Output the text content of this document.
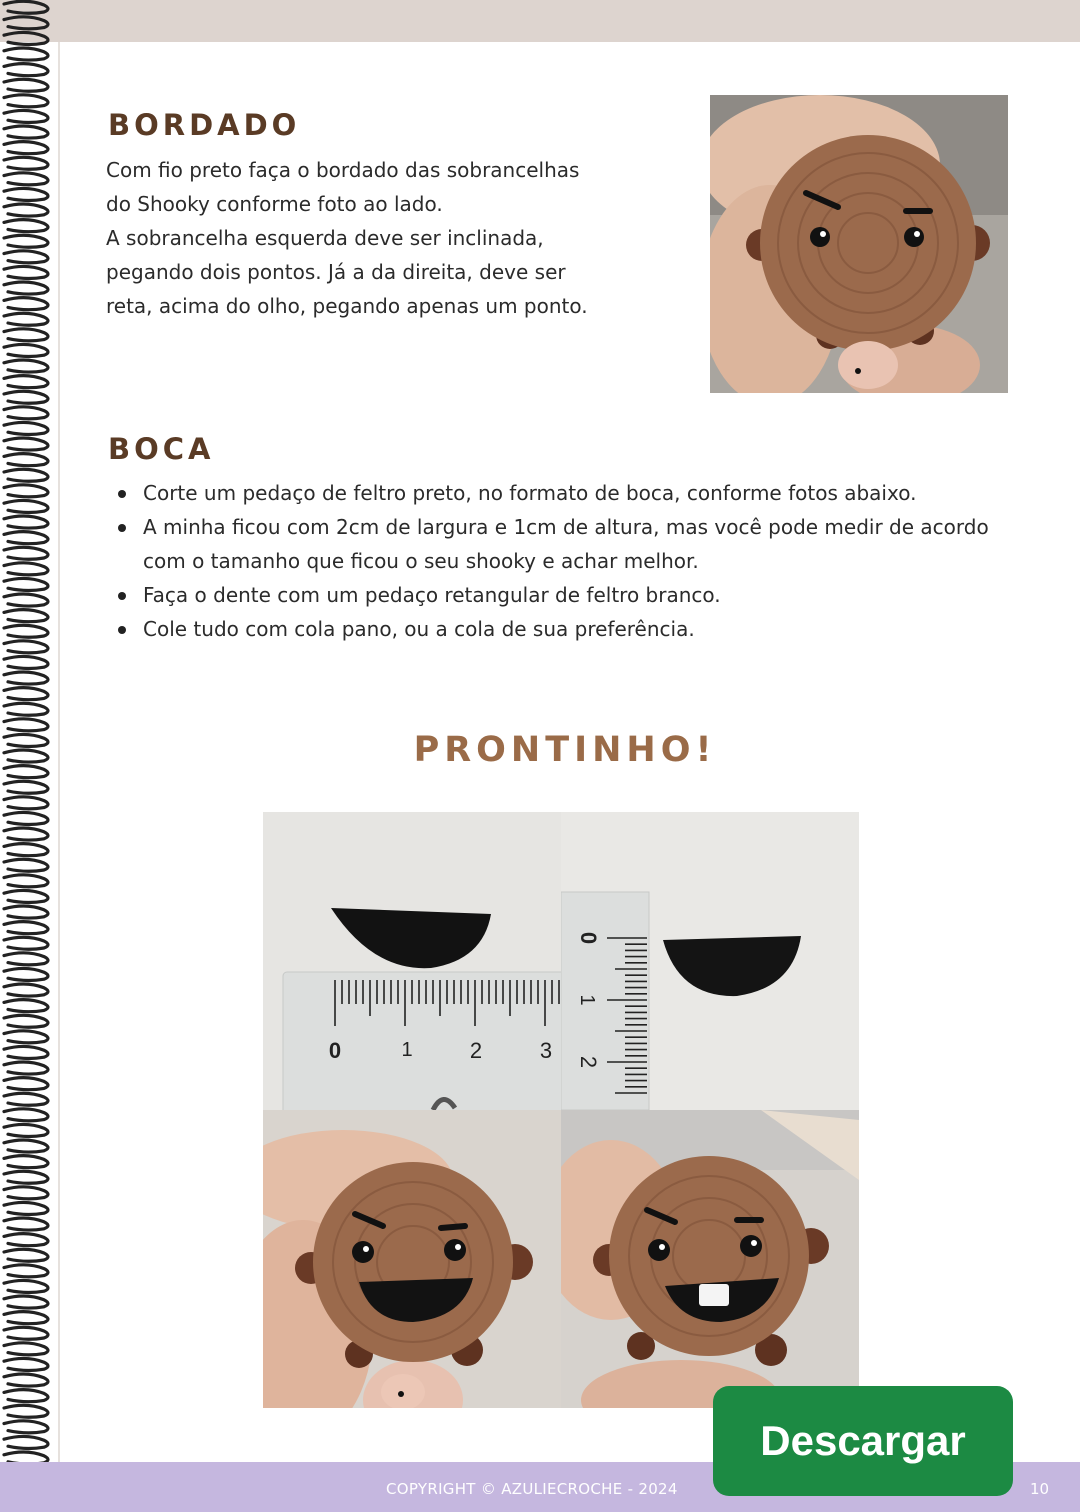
BORDADO

Com fio preto faça o bordado das sobrancelhas
do Shooky conforme foto ao lado.
A sobrancelha esquerda deve ser inclinada,
pegando dois pontos. Já a da direita, deve ser
reta, acima do olho, pegando apenas um ponto.

BOCA
Corte um pedaço de feltro preto, no formato de boca, conforme fotos abaixo.
A minha ficou com 2cm de largura e 1cm de altura, mas você pode medir de acordo com o tamanho que ficou o seu shooky e achar melhor.
Faça o dente com um pedaço retangular de feltro branco.
Cole tudo com cola pano, ou a cola de sua preferência.
PRONTINHO!
0	1	2	3
0
1
2
COPYRIGHT © AZULIECROCHE - 2024	10
Descargar
